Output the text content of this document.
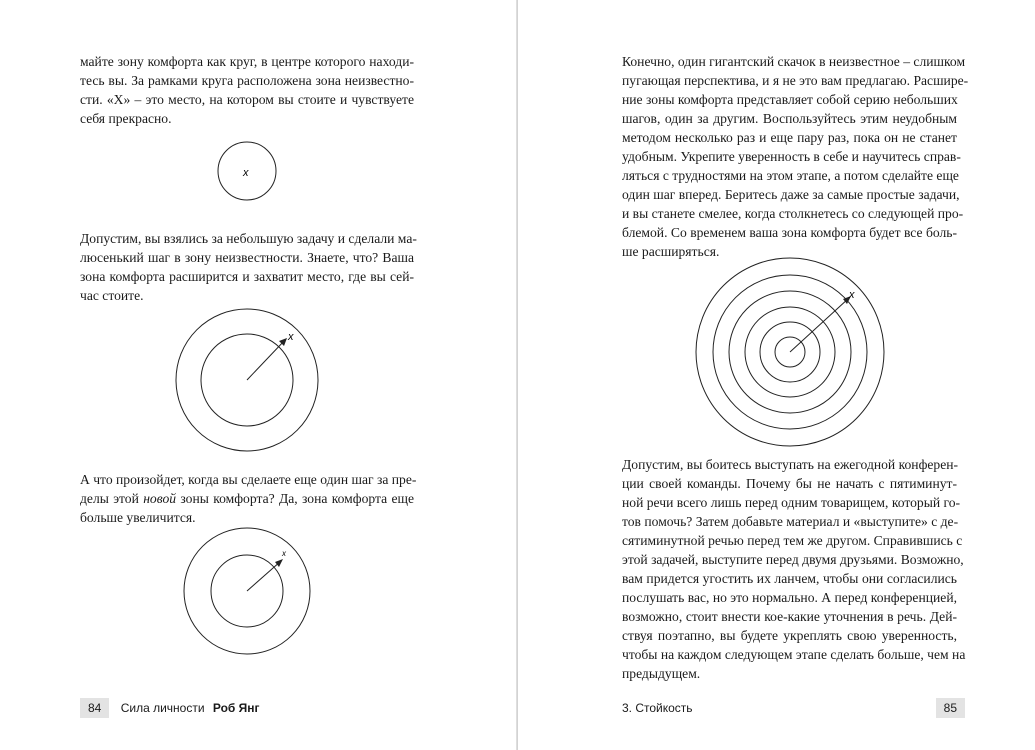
майте зону комфорта как круг, в центре которого находи-
тесь вы. За рамками круга расположена зона неизвестно-
сти. «Х» – это место, на котором вы стоите и чувствуете
себя прекрасно.

x

Допустим, вы взялись за небольшую задачу и сделали ма-
люсенький шаг в зону неизвестности. Знаете, что? Ваша
зона комфорта расширится и захватит место, где вы сей-
час стоите.

x

А что произойдет, когда вы сделаете еще один шаг за пре-
делы этой новой зоны комфорта? Да, зона комфорта еще
больше увеличится.

x
84 Сила личности Роб Янг

Конечно, один гигантский скачок в неизвестное – слишком
пугающая перспектива, и я не это вам предлагаю. Расшире-
ние зоны комфорта представляет собой серию небольших
шагов, один за другим. Воспользуйтесь этим неудобным
методом несколько раз и еще пару раз, пока он не станет
удобным. Укрепите уверенность в себе и научитесь справ-
ляться с трудностями на этом этапе, а потом сделайте еще
один шаг вперед. Беритесь даже за самые простые задачи,
и вы станете смелее, когда столкнетесь со следующей про-
блемой. Со временем ваша зона комфорта будет все боль-
ше расширяться.

x

Допустим, вы боитесь выступать на ежегодной конферен-
ции своей команды. Почему бы не начать с пятиминут-
ной речи всего лишь перед одним товарищем, который го-
тов помочь? Затем добавьте материал и «выступите» с де-
сятиминутной речью перед тем же другом. Справившись с
этой задачей, выступите перед двумя друзьями. Возможно,
вам придется угостить их ланчем, чтобы они согласились
послушать вас, но это нормально. А перед конференцией,
возможно, стоит внести кое-какие уточнения в речь. Дей-
ствуя поэтапно, вы будете укреплять свою уверенность,
чтобы на каждом следующем этапе сделать больше, чем на
предыдущем.

3. Стойкость	85
